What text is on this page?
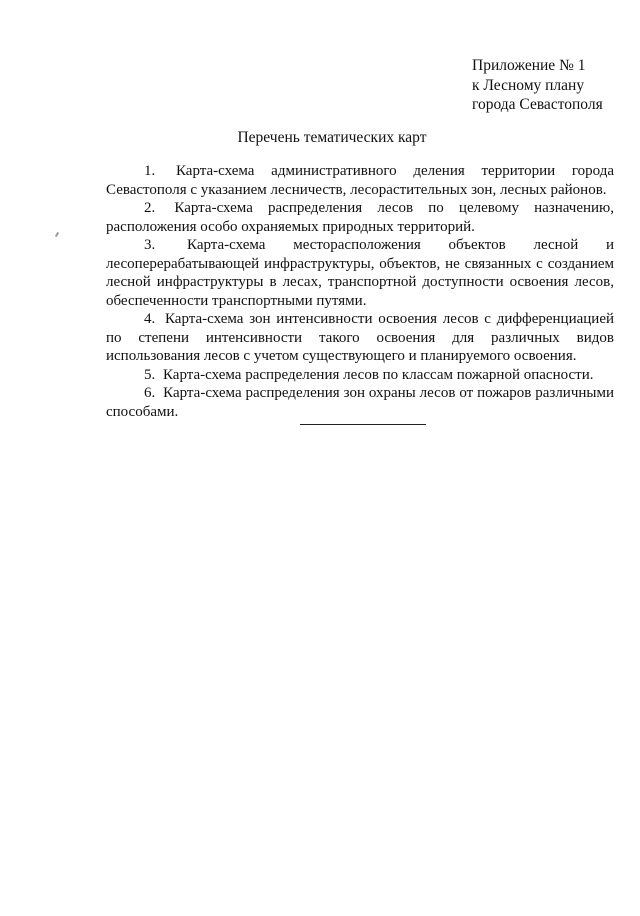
Приложение № 1
к Лесному плану
города Севастополя
Перечень тематических карт

1. Карта-схема административного деления территории города Севастополя с указанием лесничеств, лесорастительных зон, лесных районов.

2. Карта-схема распределения лесов по целевому назначению, расположения особо охраняемых природных территорий.

3. Карта-схема месторасположения объектов лесной и лесоперерабатывающей инфраструктуры, объектов, не связанных с созданием лесной инфраструктуры в лесах, транспортной доступности освоения лесов, обеспеченности транспортными путями.

4. Карта-схема зон интенсивности освоения лесов с дифференциацией по степени интенсивности такого освоения для различных видов использования лесов с учетом существующего и планируемого освоения.

5. Карта-схема распределения лесов по классам пожарной опасности.

6. Карта-схема распределения зон охраны лесов от пожаров различными способами.
